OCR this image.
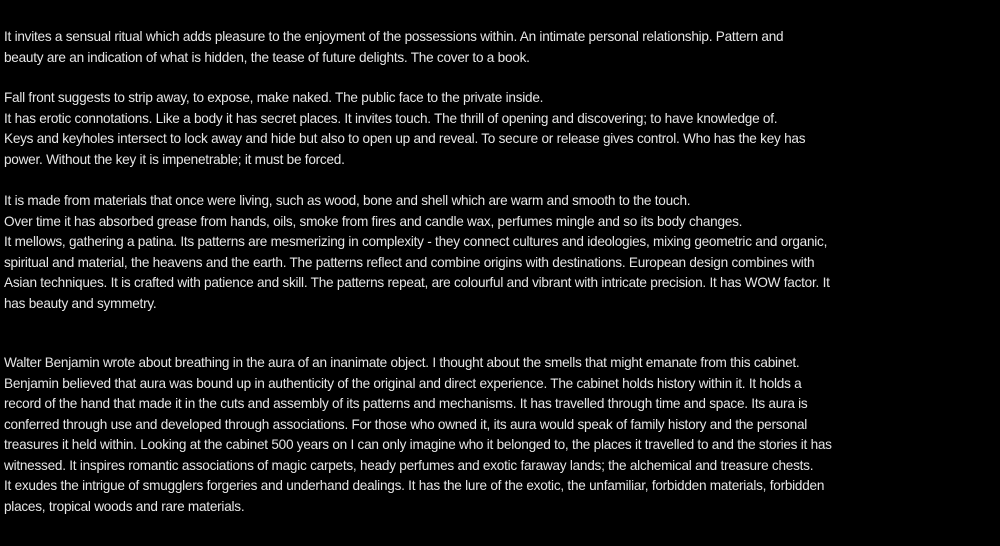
It invites a sensual ritual which adds pleasure to the enjoyment of the possessions within. An intimate personal relationship. Pattern and
beauty are an indication of what is hidden, the tease of future delights. The cover to a book.

Fall front suggests to strip away, to expose, make naked. The public face to the private inside.
It has erotic connotations. Like a body it has secret places. It invites touch. The thrill of opening and discovering; to have knowledge of.
Keys and keyholes intersect to lock away and hide but also to open up and reveal. To secure or release gives control. Who has the key has
power. Without the key it is impenetrable; it must be forced.

It is made from materials that once were living, such as wood, bone and shell which are warm and smooth to the touch.
Over time it has absorbed grease from hands, oils, smoke from fires and candle wax, perfumes mingle and so its body changes.
It mellows, gathering a patina. Its patterns are mesmerizing in complexity - they connect cultures and ideologies, mixing geometric and organic,
spiritual and material, the heavens and the earth. The patterns reflect and combine origins with destinations. European design combines with
Asian techniques. It is crafted with patience and skill. The patterns repeat, are colourful and vibrant with intricate precision. It has WOW factor. It
has beauty and symmetry.

Walter Benjamin wrote about breathing in the aura of an inanimate object. I thought about the smells that might emanate from this cabinet.
Benjamin believed that aura was bound up in authenticity of the original and direct experience. The cabinet holds history within it. It holds a
record of the hand that made it in the cuts and assembly of its patterns and mechanisms. It has travelled through time and space. Its aura is
conferred through use and developed through associations. For those who owned it, its aura would speak of family history and the personal
treasures it held within. Looking at the cabinet 500 years on I can only imagine who it belonged to, the places it travelled to and the stories it has
witnessed. It inspires romantic associations of magic carpets, heady perfumes and exotic faraway lands; the alchemical and treasure chests.
It exudes the intrigue of smugglers forgeries and underhand dealings. It has the lure of the exotic, the unfamiliar, forbidden materials, forbidden
places, tropical woods and rare materials.
